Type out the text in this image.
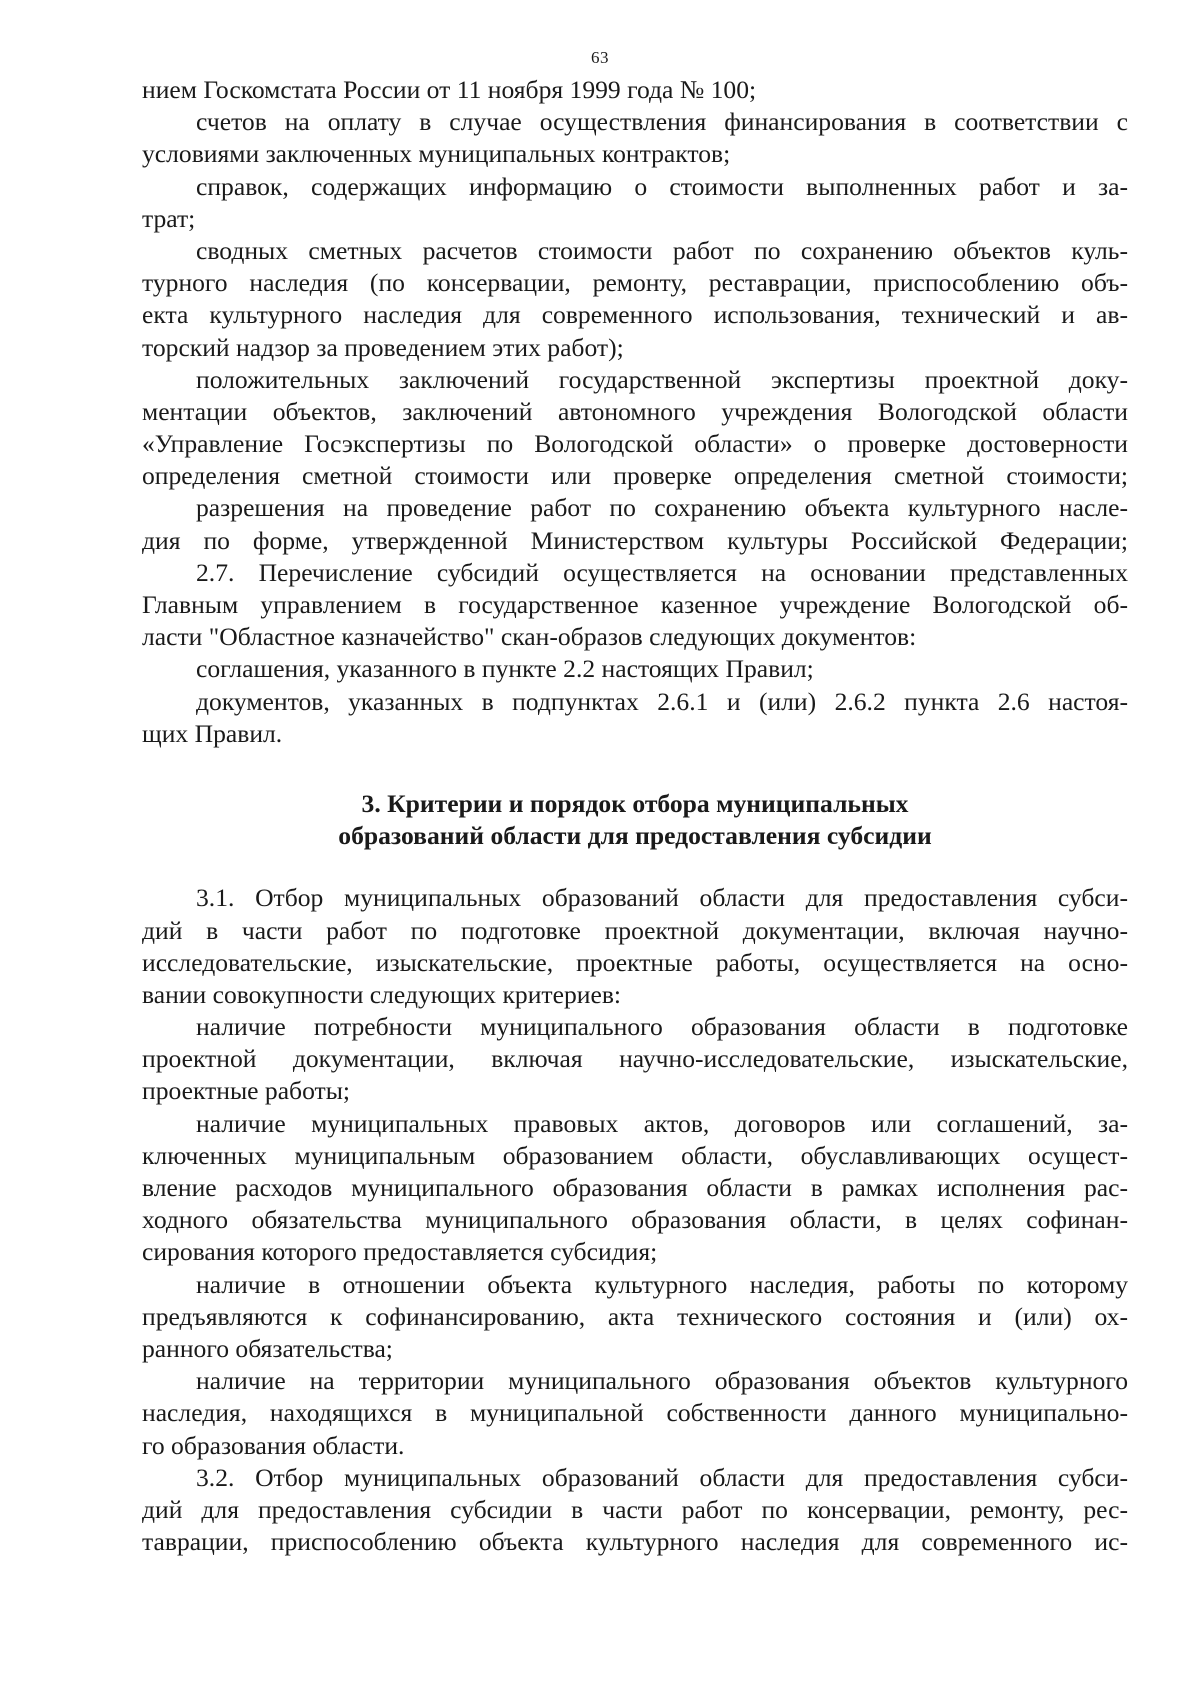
63
нием Госкомстата России от 11 ноября 1999 года № 100;
счетов на оплату в случае осуществления финансирования в соответствии с
условиями заключенных муниципальных контрактов;
справок, содержащих информацию о стоимости выполненных работ и за-
трат;
сводных сметных расчетов стоимости работ по сохранению объектов куль-
турного наследия (по консервации, ремонту, реставрации, приспособлению объ-
екта культурного наследия для современного использования, технический и ав-
торский надзор за проведением этих работ);
положительных заключений государственной экспертизы проектной доку-
ментации объектов, заключений автономного учреждения Вологодской области
«Управление Госэкспертизы по Вологодской области» о проверке достоверности
определения сметной стоимости или проверке определения сметной стоимости;
разрешения на проведение работ по сохранению объекта культурного насле-
дия по форме, утвержденной Министерством культуры Российской Федерации;
2.7. Перечисление субсидий осуществляется на основании представленных
Главным управлением в государственное казенное учреждение Вологодской об-
ласти "Областное казначейство" скан-образов следующих документов:
соглашения, указанного в пункте 2.2 настоящих Правил;
документов, указанных в подпунктах 2.6.1 и (или) 2.6.2 пункта 2.6 настоя-
щих Правил.
3. Критерии и порядок отбора муниципальных
образований области для предоставления субсидии
3.1. Отбор муниципальных образований области для предоставления субси-
дий в части работ по подготовке проектной документации, включая научно-
исследовательские, изыскательские, проектные работы, осуществляется на осно-
вании совокупности следующих критериев:
наличие потребности муниципального образования области в подготовке
проектной документации, включая научно-исследовательские, изыскательские,
проектные работы;
наличие муниципальных правовых актов, договоров или соглашений, за-
ключенных муниципальным образованием области, обуславливающих осущест-
вление расходов муниципального образования области в рамках исполнения рас-
ходного обязательства муниципального образования области, в целях софинан-
сирования которого предоставляется субсидия;
наличие в отношении объекта культурного наследия, работы по которому
предъявляются к софинансированию, акта технического состояния и (или) ох-
ранного обязательства;
наличие на территории муниципального образования объектов культурного
наследия, находящихся в муниципальной собственности данного муниципально-
го образования области.
3.2. Отбор муниципальных образований области для предоставления субси-
дий для предоставления субсидии в части работ по консервации, ремонту, рес-
таврации, приспособлению объекта культурного наследия для современного ис-
